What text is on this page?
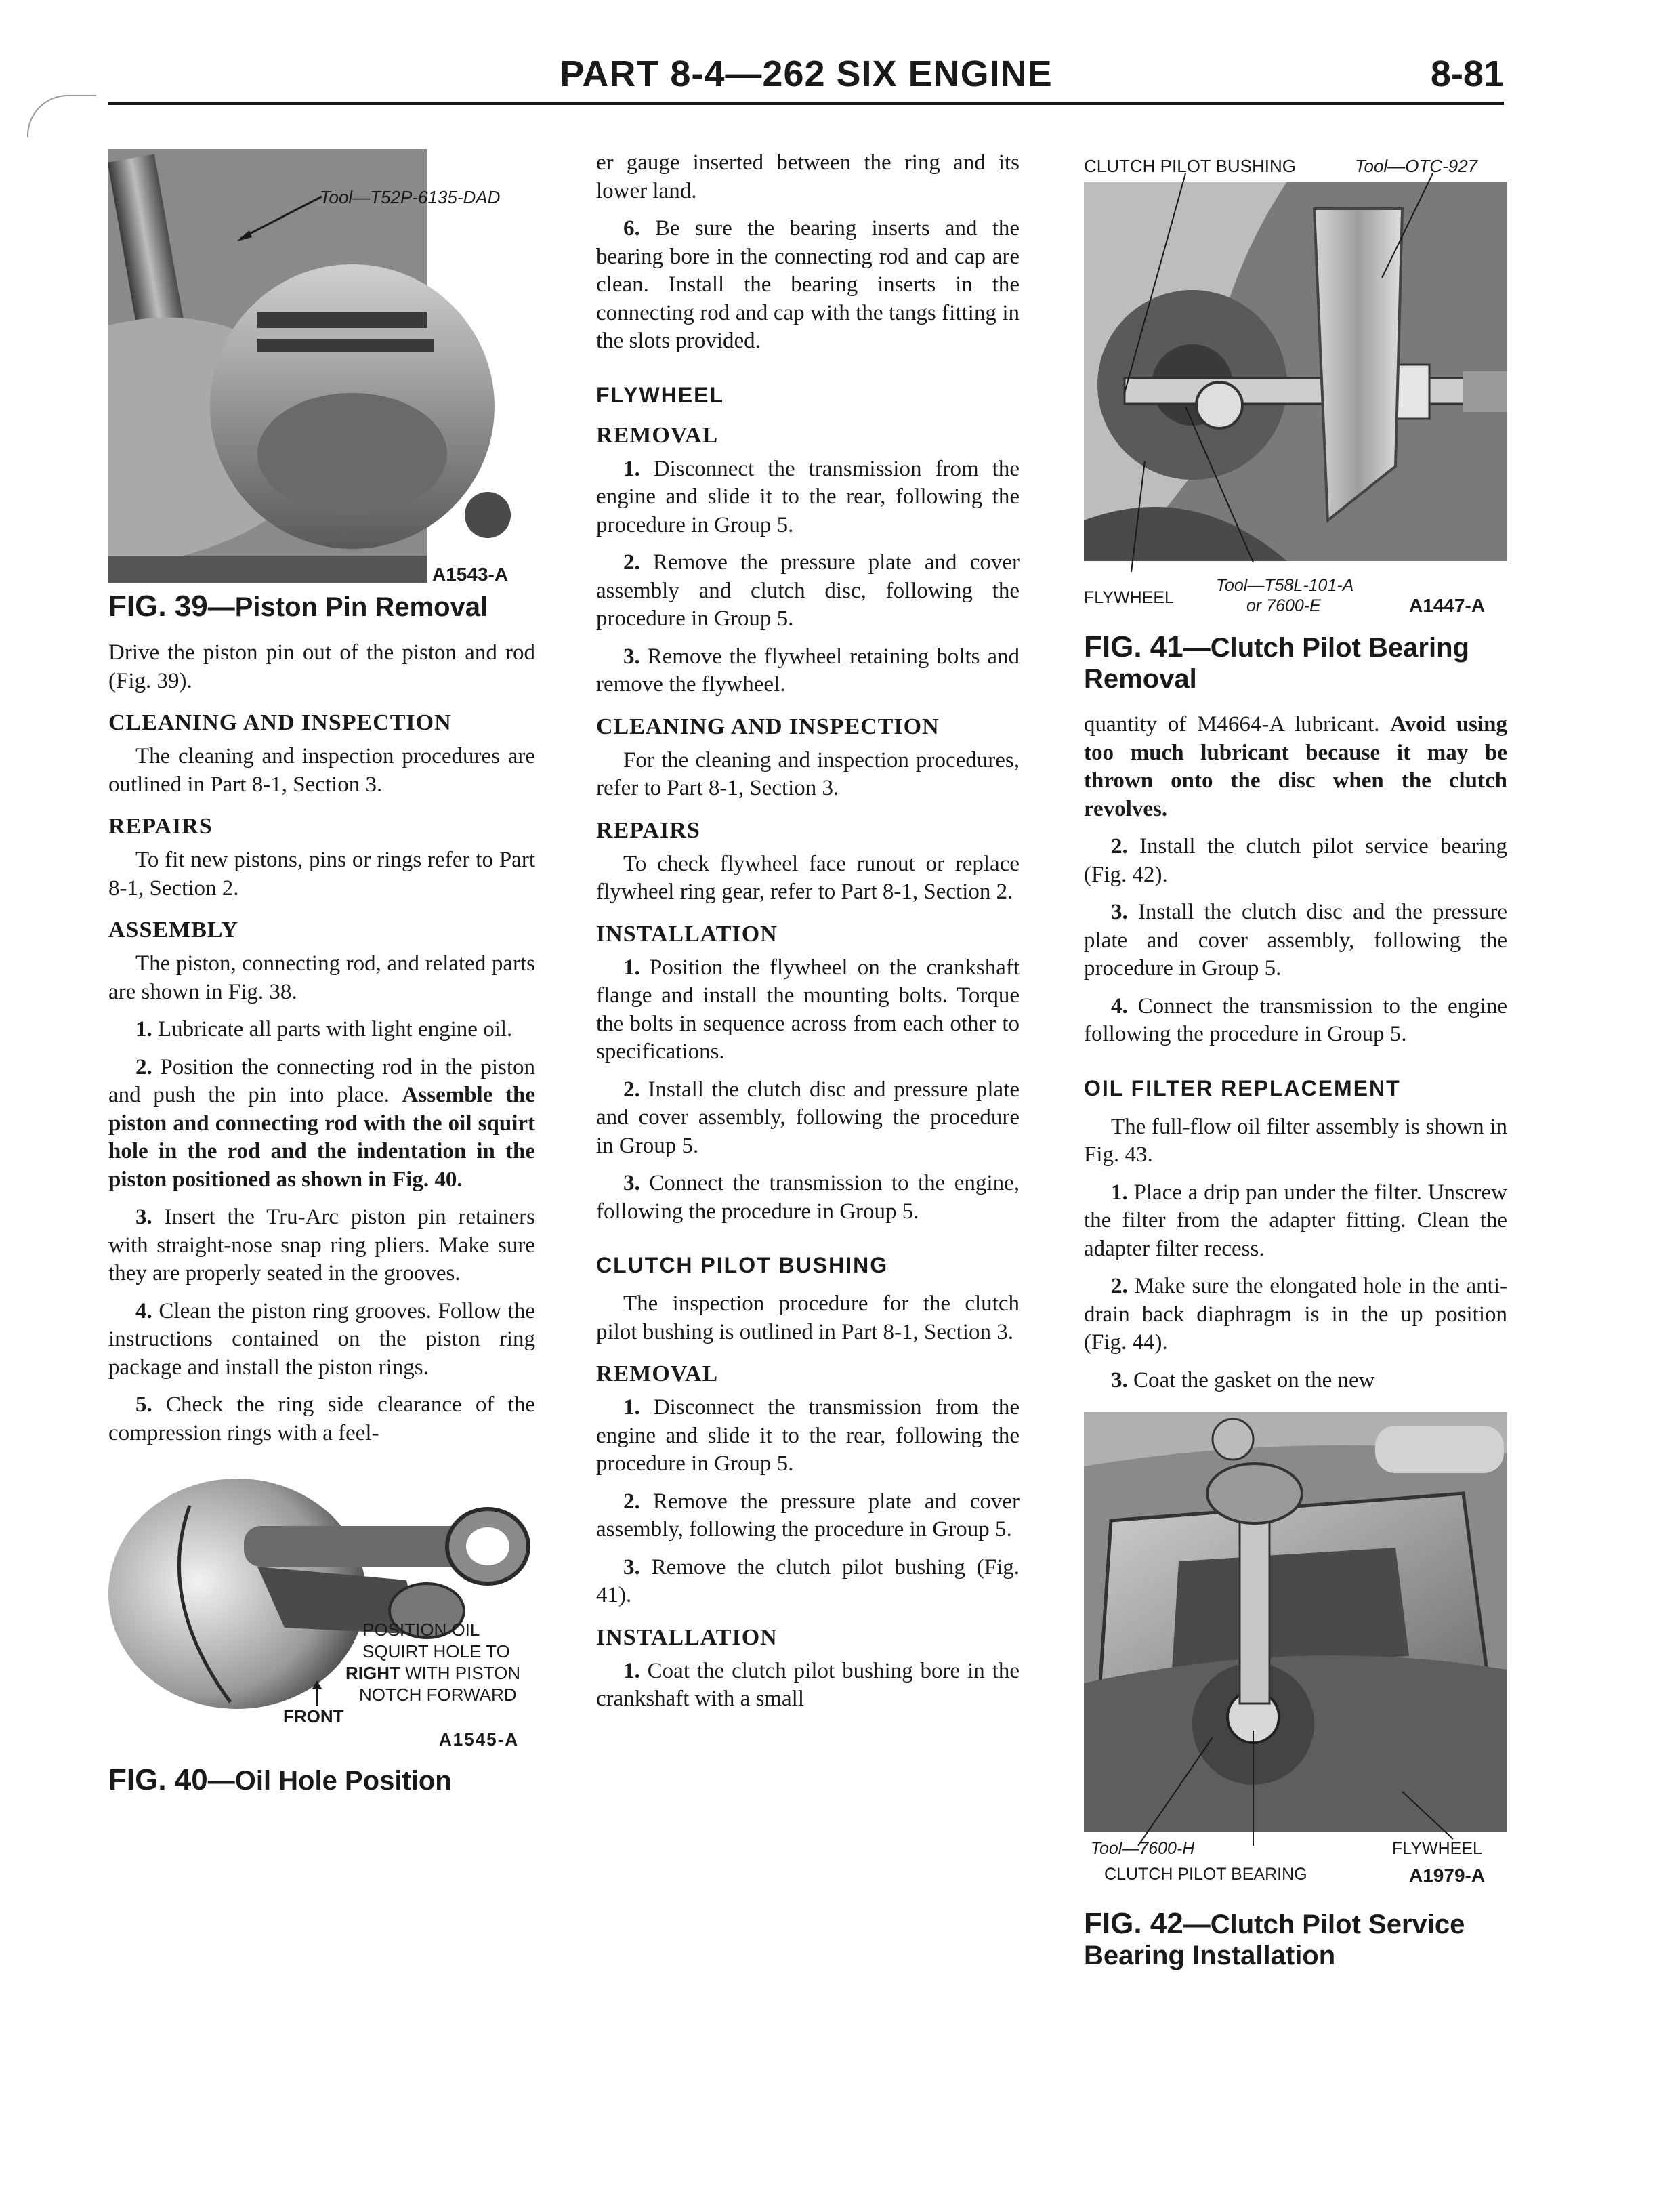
PART 8-4—262 SIX ENGINE	8-81
Tool—T52P-6135-DAD
A1543-A
FIG. 39—Piston Pin Removal

Drive the piston pin out of the piston and rod (Fig. 39).

CLEANING AND INSPECTION

The cleaning and inspection procedures are outlined in Part 8-1, Section 3.

REPAIRS

To fit new pistons, pins or rings refer to Part 8-1, Section 2.

ASSEMBLY

The piston, connecting rod, and related parts are shown in Fig. 38.

1. Lubricate all parts with light engine oil.

2. Position the connecting rod in the piston and push the pin into place. Assemble the piston and connecting rod with the oil squirt hole in the rod and the indentation in the piston positioned as shown in Fig. 40.

3. Insert the Tru-Arc piston pin retainers with straight-nose snap ring pliers. Make sure they are properly seated in the grooves.

4. Clean the piston ring grooves. Follow the instructions contained on the piston ring package and install the piston rings.

5. Check the ring side clearance of the compression rings with a feel-

POSITION OIL
SQUIRT HOLE TO
RIGHT WITH PISTON
NOTCH FORWARD
FRONT
A1545-A
FIG. 40—Oil Hole Position

er gauge inserted between the ring and its lower land.

6. Be sure the bearing inserts and the bearing bore in the connecting rod and cap are clean. Install the bearing inserts in the connecting rod and cap with the tangs fitting in the slots provided.

FLYWHEEL
REMOVAL

1. Disconnect the transmission from the engine and slide it to the rear, following the procedure in Group 5.

2. Remove the pressure plate and cover assembly and clutch disc, following the procedure in Group 5.

3. Remove the flywheel retaining bolts and remove the flywheel.

CLEANING AND INSPECTION

For the cleaning and inspection procedures, refer to Part 8-1, Section 3.

REPAIRS

To check flywheel face runout or replace flywheel ring gear, refer to Part 8-1, Section 2.

INSTALLATION

1. Position the flywheel on the crankshaft flange and install the mounting bolts. Torque the bolts in sequence across from each other to specifications.

2. Install the clutch disc and pressure plate and cover assembly, following the procedure in Group 5.

3. Connect the transmission to the engine, following the procedure in Group 5.

CLUTCH PILOT BUSHING

The inspection procedure for the clutch pilot bushing is outlined in Part 8-1, Section 3.

REMOVAL

1. Disconnect the transmission from the engine and slide it to the rear, following the procedure in Group 5.

2. Remove the pressure plate and cover assembly, following the procedure in Group 5.

3. Remove the clutch pilot bushing (Fig. 41).

INSTALLATION

1. Coat the clutch pilot bushing bore in the crankshaft with a small

CLUTCH PILOT BUSHING	Tool—OTC-927
FLYWHEEL
Tool—T58L-101-A
or 7600-E	A1447-A
FIG. 41—Clutch Pilot Bearing Removal

quantity of M4664-A lubricant. Avoid using too much lubricant because it may be thrown onto the disc when the clutch revolves.

2. Install the clutch pilot service bearing (Fig. 42).

3. Install the clutch disc and the pressure plate and cover assembly, following the procedure in Group 5.

4. Connect the transmission to the engine following the procedure in Group 5.

OIL FILTER REPLACEMENT

The full-flow oil filter assembly is shown in Fig. 43.

1. Place a drip pan under the filter. Unscrew the filter from the adapter fitting. Clean the adapter filter recess.

2. Make sure the elongated hole in the anti-drain back diaphragm is in the up position (Fig. 44).

3. Coat the gasket on the new

Tool—7600-H	FLYWHEEL
CLUTCH PILOT BEARING	A1979-A
FIG. 42—Clutch Pilot Service Bearing Installation
